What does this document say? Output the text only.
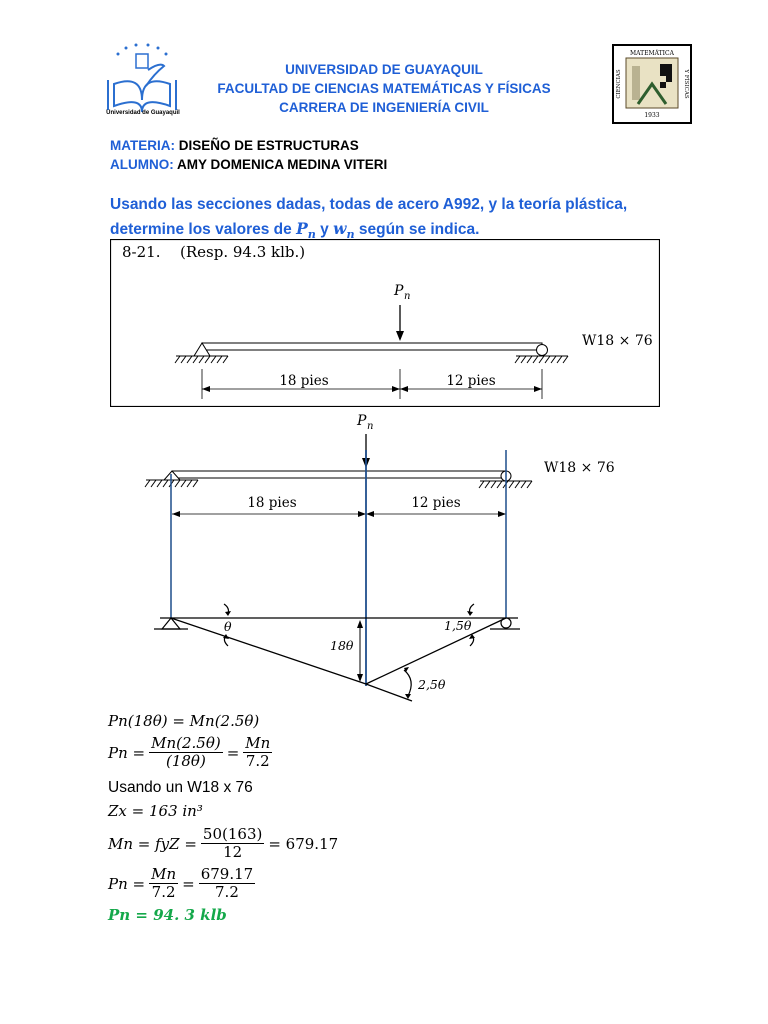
Universidad de Guayaquil
UNIVERSIDAD DE GUAYAQUIL
FACULTAD DE CIENCIAS MATEMÁTICAS Y FÍSICAS
CARRERA DE INGENIERÍA CIVIL
1933
MATEMÁTICA
CIENCIAS	Y FÍSICAS
MATERIA: DISEÑO DE ESTRUCTURAS
ALUMNO: AMY DOMENICA MEDINA VITERI
Usando las secciones dadas, todas de acero A992, y la teoría plástica,
determine los valores de $P_n$ y $w_n$ según se indica.
8-21. (Resp. 94.3 klb.)
P n
W18 × 76
18 pies	12 pies
P n
W18 × 76
18 pies	12 pies
θ
18θ
1,5θ
2,5θ
Pn(18θ) = Mn(2.5θ)
$Pn = \frac{Mn(2.5\theta)}{(18\theta)} = \frac{Mn}{7.2}$
Usando un W18 x 76
Zx = 163 in³
Mn = fyZ = $\frac{50(163)}{12} = 679.17$
$Pn = \frac{Mn}{7.2} = \frac{679.17}{7.2}$
Pn = 94. 3 klb
